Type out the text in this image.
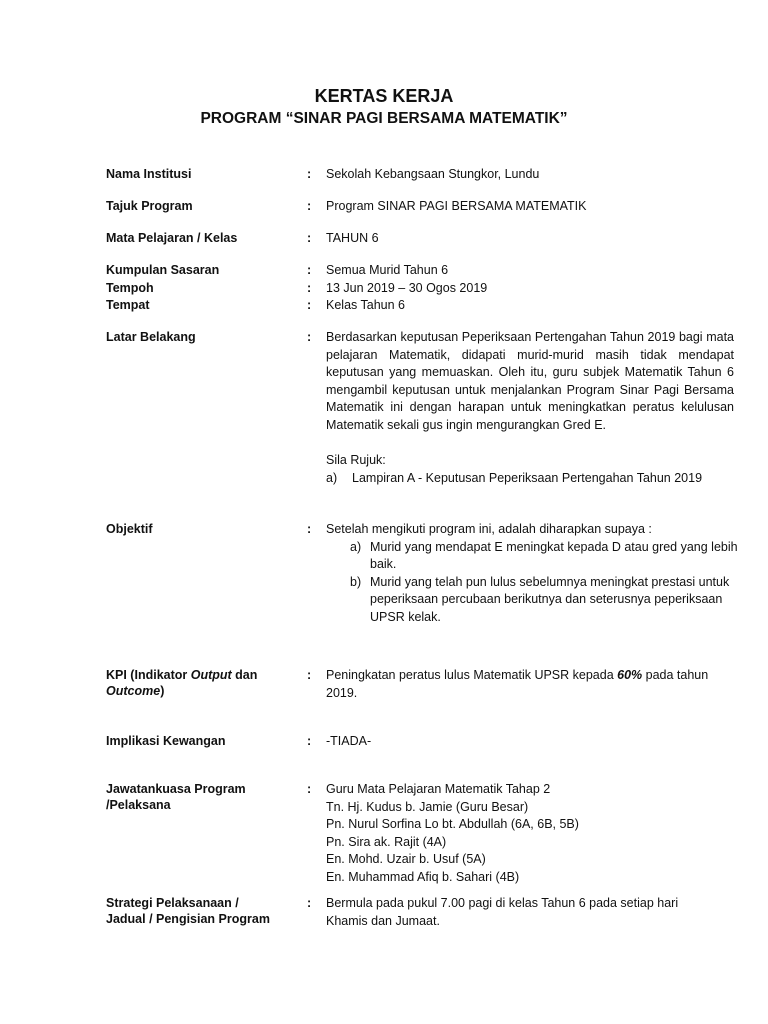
KERTAS KERJA
PROGRAM “SINAR PAGI BERSAMA MATEMATIK”
Nama Institusi	: Sekolah Kebangsaan Stungkor, Lundu
Tajuk Program	: Program SINAR PAGI BERSAMA MATEMATIK
Mata Pelajaran / Kelas	: TAHUN 6
Kumpulan Sasaran	: Semua Murid Tahun 6
Tempoh	: 13 Jun 2019 – 30 Ogos 2019
Tempat	: Kelas Tahun 6
Latar Belakang	: Berdasarkan keputusan Peperiksaan Pertengahan Tahun 2019 bagi mata pelajaran Matematik, didapati murid-murid masih tidak mendapat keputusan yang memuaskan. Oleh itu, guru subjek Matematik Tahun 6 mengambil keputusan untuk menjalankan Program Sinar Pagi Bersama Matematik ini dengan harapan untuk meningkatkan peratus kelulusan Matematik sekali gus ingin mengurangkan Gred E.
Sila Rujuk:
a) Lampiran A - Keputusan Peperiksaan Pertengahan Tahun 2019
Objektif	: Setelah mengikuti program ini, adalah diharapkan supaya :
a) Murid yang mendapat E meningkat kepada D atau gred yang lebih baik.
b) Murid yang telah pun lulus sebelumnya meningkat prestasi untuk peperiksaan percubaan berikutnya dan seterusnya peperiksaan UPSR kelak.
KPI (Indikator Output dan Outcome)
: Peningkatan peratus lulus Matematik UPSR kepada 60% pada tahun 2019.
Implikasi Kewangan	: -TIADA-
Jawatankuasa Program
/Pelaksana
: Guru Mata Pelajaran Matematik Tahap 2
Tn. Hj. Kudus b. Jamie (Guru Besar)
Pn. Nurul Sorfina Lo bt. Abdullah (6A, 6B, 5B)
Pn. Sira ak. Rajit (4A)
En. Mohd. Uzair b. Usuf (5A)
En. Muhammad Afiq b. Sahari (4B)
Strategi Pelaksanaan /
Jadual / Pengisian Program
: Bermula pada pukul 7.00 pagi di kelas Tahun 6 pada setiap hari Khamis dan Jumaat.
